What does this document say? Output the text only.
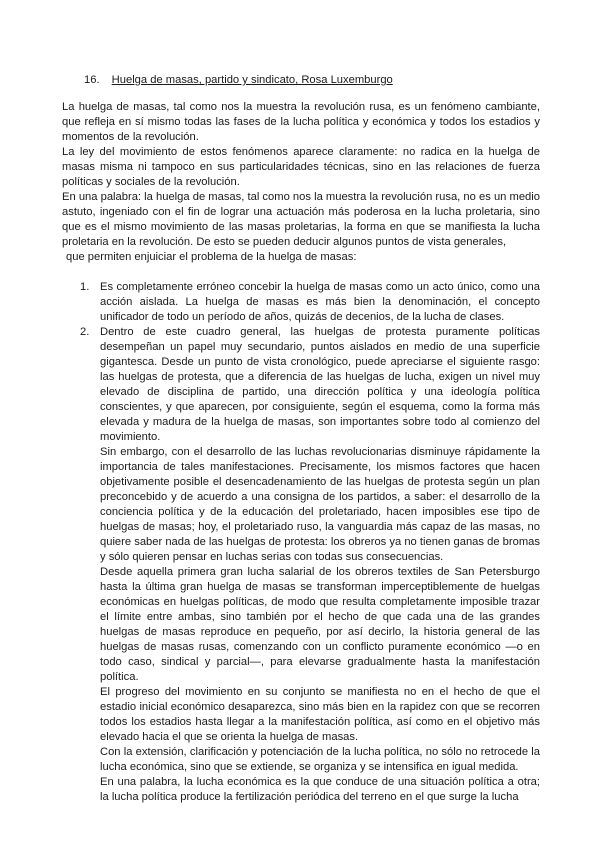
16. Huelga de masas, partido y sindicato, Rosa Luxemburgo

La huelga de masas, tal como nos la muestra la revolución rusa, es un fenómeno cambiante, que refleja en sí mismo todas las fases de la lucha política y económica y todos los estadios y momentos de la revolución.

La ley del movimiento de estos fenómenos aparece claramente: no radica en la huelga de masas misma ni tampoco en sus particularidades técnicas, sino en las relaciones de fuerza políticas y sociales de la revolución.

En una palabra: la huelga de masas, tal como nos la muestra la revolución rusa, no es un medio astuto, ingeniado con el fin de lograr una actuación más poderosa en la lucha proletaria, sino que es el mismo movimiento de las masas proletarias, la forma en que se manifiesta la lucha proletaria en la revolución. De esto se pueden deducir algunos puntos de vista generales,

que permiten enjuiciar el problema de la huelga de masas:

1. Es completamente erróneo concebir la huelga de masas como un acto único, como una acción aislada. La huelga de masas es más bien la denominación, el concepto unificador de todo un período de años, quizás de decenios, de la lucha de clases.

2. Dentro de este cuadro general, las huelgas de protesta puramente políticas desempeñan un papel muy secundario, puntos aislados en medio de una superficie gigantesca. Desde un punto de vista cronológico, puede apreciarse el siguiente rasgo: las huelgas de protesta, que a diferencia de las huelgas de lucha, exigen un nivel muy elevado de disciplina de partido, una dirección política y una ideología política conscientes, y que aparecen, por consiguiente, según el esquema, como la forma más elevada y madura de la huelga de masas, son importantes sobre todo al comienzo del movimiento.

Sin embargo, con el desarrollo de las luchas revolucionarias disminuye rápidamente la importancia de tales manifestaciones. Precisamente, los mismos factores que hacen objetivamente posible el desencadenamiento de las huelgas de protesta según un plan preconcebido y de acuerdo a una consigna de los partidos, a saber: el desarrollo de la conciencia política y de la educación del proletariado, hacen imposibles ese tipo de huelgas de masas; hoy, el proletariado ruso, la vanguardia más capaz de las masas, no quiere saber nada de las huelgas de protesta: los obreros ya no tienen ganas de bromas y sólo quieren pensar en luchas serias con todas sus consecuencias.

Desde aquella primera gran lucha salarial de los obreros textiles de San Petersburgo hasta la última gran huelga de masas se transforman imperceptiblemente de huelgas económicas en huelgas políticas, de modo que resulta completamente imposible trazar el límite entre ambas, sino también por el hecho de que cada una de las grandes huelgas de masas reproduce en pequeño, por así decirlo, la historia general de las huelgas de masas rusas, comenzando con un conflicto puramente económico —o en todo caso, sindical y parcial—, para elevarse gradualmente hasta la manifestación política.

El progreso del movimiento en su conjunto se manifiesta no en el hecho de que el estadio inicial económico desaparezca, sino más bien en la rapidez con que se recorren todos los estadios hasta llegar a la manifestación política, así como en el objetivo más elevado hacia el que se orienta la huelga de masas.

Con la extensión, clarificación y potenciación de la lucha política, no sólo no retrocede la lucha económica, sino que se extiende, se organiza y se intensifica en igual medida.

En una palabra, la lucha económica es la que conduce de una situación política a otra; la lucha política produce la fertilización periódica del terreno en el que surge la lucha
